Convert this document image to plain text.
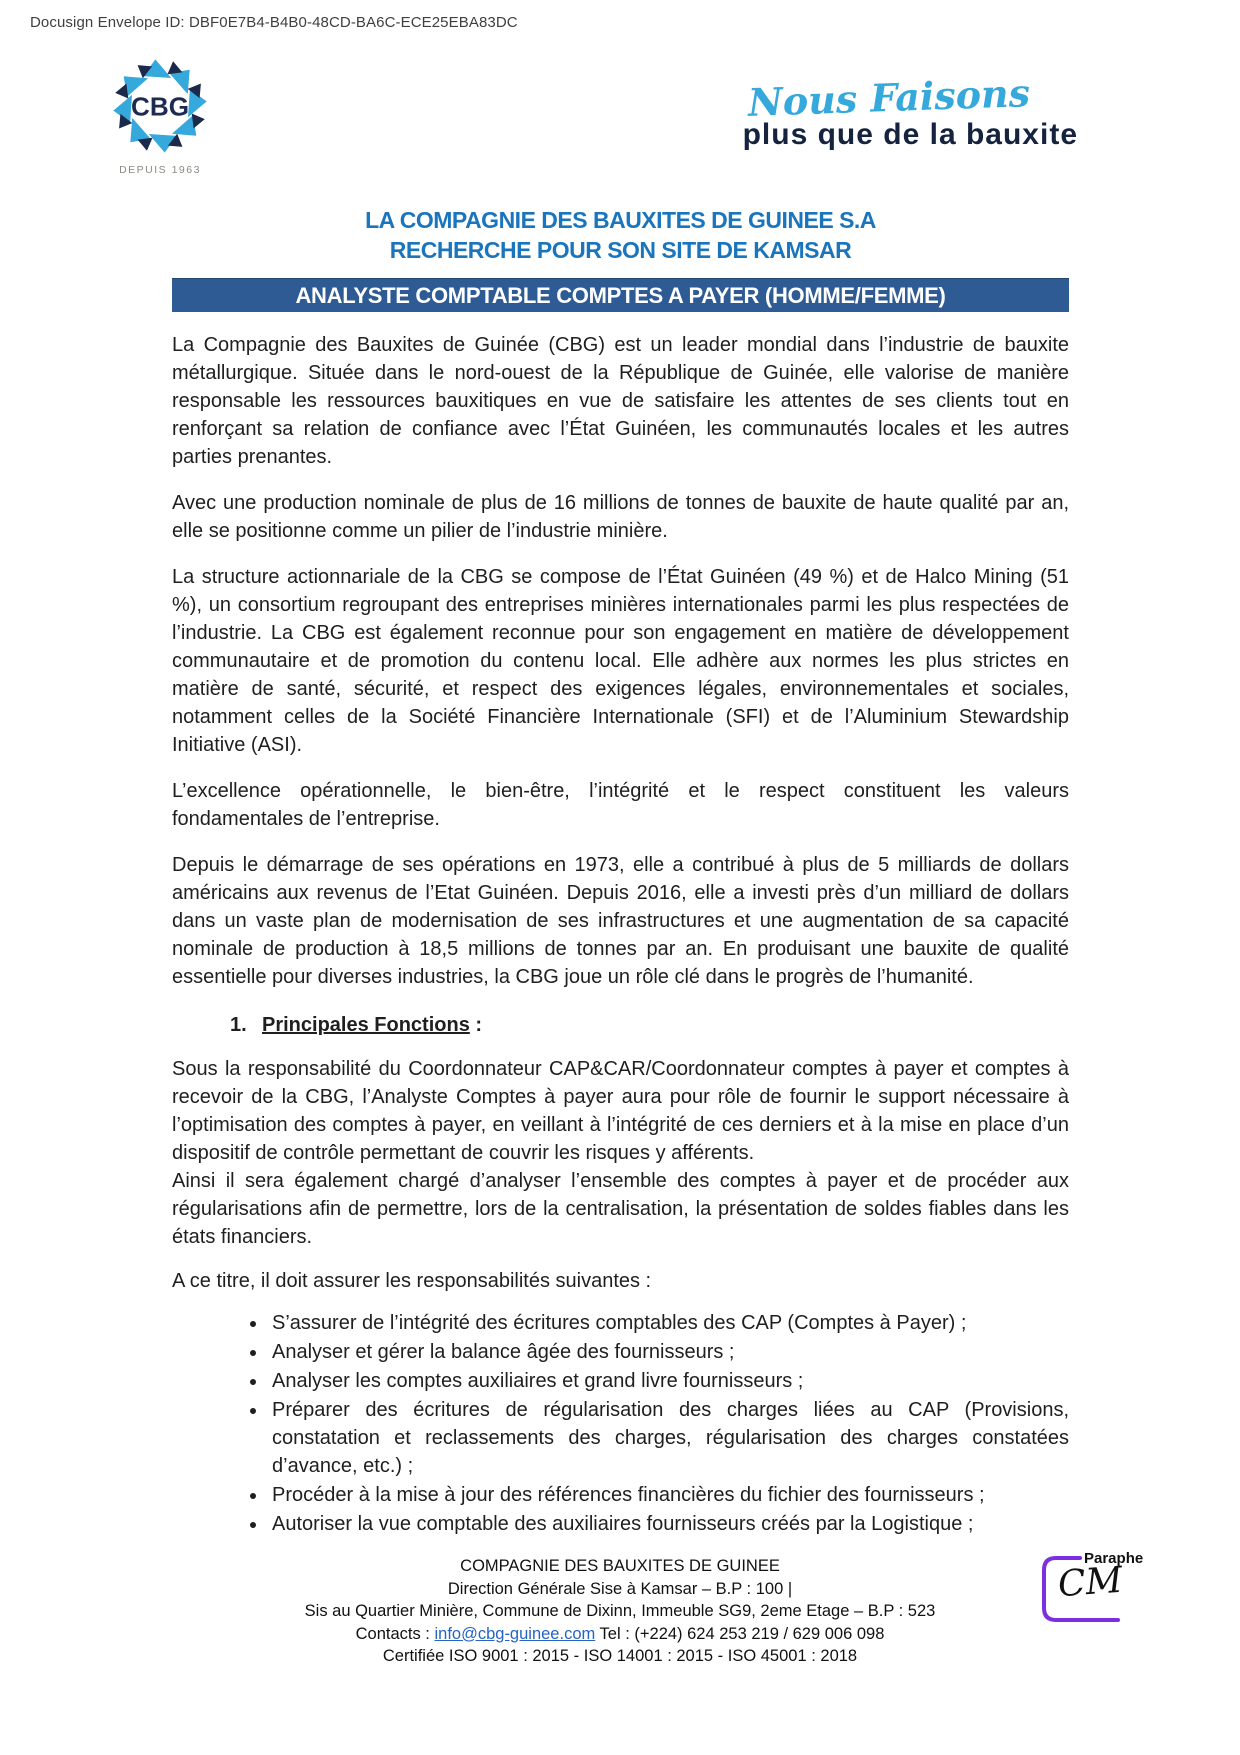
Docusign Envelope ID: DBF0E7B4-B4B0-48CD-BA6C-ECE25EBA83DC
CBG
DEPUIS 1963
Nous Faisons
plus que de la bauxite
LA COMPAGNIE DES BAUXITES DE GUINEE S.A
RECHERCHE POUR SON SITE DE KAMSAR
ANALYSTE COMPTABLE COMPTES A PAYER (HOMME/FEMME)

La Compagnie des Bauxites de Guinée (CBG) est un leader mondial dans l’industrie de bauxite métallurgique. Située dans le nord-ouest de la République de Guinée, elle valorise de manière responsable les ressources bauxitiques en vue de satisfaire les attentes de ses clients tout en renforçant sa relation de confiance avec l’État Guinéen, les communautés locales et les autres parties prenantes.

Avec une production nominale de plus de 16 millions de tonnes de bauxite de haute qualité par an, elle se positionne comme un pilier de l’industrie minière.

La structure actionnariale de la CBG se compose de l’État Guinéen (49 %) et de Halco Mining (51 %), un consortium regroupant des entreprises minières internationales parmi les plus respectées de l’industrie. La CBG est également reconnue pour son engagement en matière de développement communautaire et de promotion du contenu local. Elle adhère aux normes les plus strictes en matière de santé, sécurité, et respect des exigences légales, environnementales et sociales, notamment celles de la Société Financière Internationale (SFI) et de l’Aluminium Stewardship Initiative (ASI).

L’excellence opérationnelle, le bien-être, l’intégrité et le respect constituent les valeurs fondamentales de l’entreprise.

Depuis le démarrage de ses opérations en 1973, elle a contribué à plus de 5 milliards de dollars américains aux revenus de l’Etat Guinéen. Depuis 2016, elle a investi près d’un milliard de dollars dans un vaste plan de modernisation de ses infrastructures et une augmentation de sa capacité nominale de production à 18,5 millions de tonnes par an. En produisant une bauxite de qualité essentielle pour diverses industries, la CBG joue un rôle clé dans le progrès de l’humanité.

1. Principales Fonctions :

Sous la responsabilité du Coordonnateur CAP&CAR/Coordonnateur comptes à payer et comptes à recevoir de la CBG, l’Analyste Comptes à payer aura pour rôle de fournir le support nécessaire à l’optimisation des comptes à payer, en veillant à l’intégrité de ces derniers et à la mise en place d’un dispositif de contrôle permettant de couvrir les risques y afférents.

Ainsi il sera également chargé d’analyser l’ensemble des comptes à payer et de procéder aux régularisations afin de permettre, lors de la centralisation, la présentation de soldes fiables dans les états financiers.

A ce titre, il doit assurer les responsabilités suivantes :

• S’assurer de l’intégrité des écritures comptables des CAP (Comptes à Payer) ;
• Analyser et gérer la balance âgée des fournisseurs ;
• Analyser les comptes auxiliaires et grand livre fournisseurs ;
• Préparer des écritures de régularisation des charges liées au CAP (Provisions, constatation et reclassements des charges, régularisation des charges constatées d’avance, etc.) ;
• Procéder à la mise à jour des références financières du fichier des fournisseurs ;
• Autoriser la vue comptable des auxiliaires fournisseurs créés par la Logistique ;
COMPAGNIE DES BAUXITES DE GUINEE
Direction Générale Sise à Kamsar – B.P : 100 |
Sis au Quartier Minière, Commune de Dixinn, Immeuble SG9, 2eme Etage – B.P : 523
Contacts : info@cbg-guinee.com Tel : (+224) 624 253 219 / 629 006 098
Certifiée ISO 9001 : 2015 - ISO 14001 : 2015 - ISO 45001 : 2018
Paraphe
CM
